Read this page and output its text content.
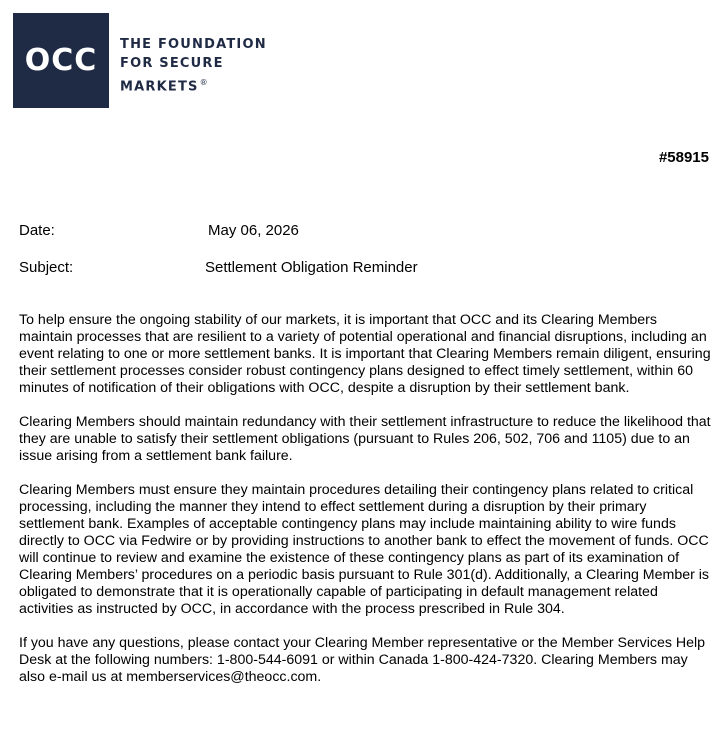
OCC THE FOUNDATION
FOR SECURE
MARKETS®
#58915
Date:	May 06, 2026
Subject:	Settlement Obligation Reminder

To help ensure the ongoing stability of our markets, it is important that OCC and its Clearing Members maintain processes that are resilient to a variety of potential operational and financial disruptions, including an event relating to one or more settlement banks. It is important that Clearing Members remain diligent, ensuring their settlement processes consider robust contingency plans designed to effect timely settlement, within 60 minutes of notification of their obligations with OCC, despite a disruption by their settlement bank.

Clearing Members should maintain redundancy with their settlement infrastructure to reduce the likelihood that they are unable to satisfy their settlement obligations (pursuant to Rules 206, 502, 706 and 1105) due to an issue arising from a settlement bank failure.

Clearing Members must ensure they maintain procedures detailing their contingency plans related to critical processing, including the manner they intend to effect settlement during a disruption by their primary settlement bank. Examples of acceptable contingency plans may include maintaining ability to wire funds directly to OCC via Fedwire or by providing instructions to another bank to effect the movement of funds. OCC will continue to review and examine the existence of these contingency plans as part of its examination of Clearing Members’ procedures on a periodic basis pursuant to Rule 301(d). Additionally, a Clearing Member is obligated to demonstrate that it is operationally capable of participating in default management related activities as instructed by OCC, in accordance with the process prescribed in Rule 304.

If you have any questions, please contact your Clearing Member representative or the Member Services Help Desk at the following numbers: 1-800-544-6091 or within Canada 1-800-424-7320. Clearing Members may also e-mail us at memberservices@theocc.com.
